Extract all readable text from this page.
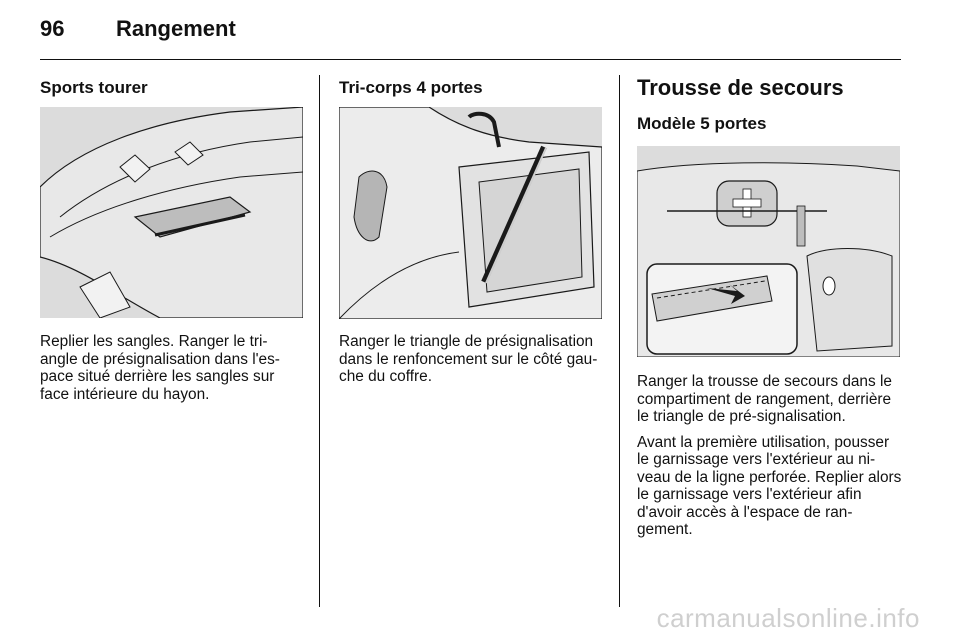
96 Rangement
Sports tourer

Replier les sangles. Ranger le tri- angle de présignalisation dans l'es- pace situé derrière les sangles sur face intérieure du hayon.

Tri-corps 4 portes

Ranger le triangle de présignalisation dans le renfoncement sur le côté gau- che du coffre.

Trousse de secours
Modèle 5 portes

Ranger la trousse de secours dans le compartiment de rangement, derrière le triangle de pré-signalisation.

Avant la première utilisation, pousser le garnissage vers l'extérieur au ni- veau de la ligne perforée. Replier alors le garnissage vers l'extérieur afin d'avoir accès à l'espace de ran- gement.

carmanualsonline.info
